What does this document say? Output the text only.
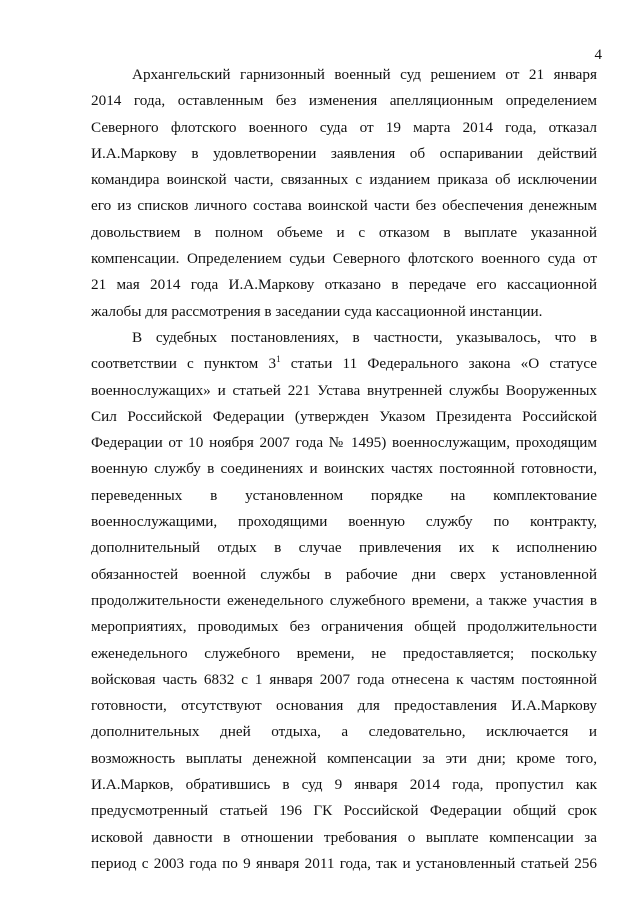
4
Архангельский гарнизонный военный суд решением от 21 января
2014 года, оставленным без изменения апелляционным определением
Северного флотского военного суда от 19 марта 2014 года, отказал
И.А.Маркову в удовлетворении заявления об оспаривании действий
командира воинской части, связанных с изданием приказа об исключении
его из списков личного состава воинской части без обеспечения денежным
довольствием в полном объеме и с отказом в выплате указанной
компенсации. Определением судьи Северного флотского военного суда от
21 мая 2014 года И.А.Маркову отказано в передаче его кассационной
жалобы для рассмотрения в заседании суда кассационной инстанции.
В судебных постановлениях, в частности, указывалось, что в
соответствии с пунктом $3^1$ статьи 11 Федерального закона «О статусе
военнослужащих» и статьей 221 Устава внутренней службы Вооруженных
Сил Российской Федерации (утвержден Указом Президента Российской
Федерации от 10 ноября 2007 года № 1495) военнослужащим, проходящим
военную службу в соединениях и воинских частях постоянной готовности,
переведенных в установленном порядке на комплектование
военнослужащими, проходящими военную службу по контракту,
дополнительный отдых в случае привлечения их к исполнению
обязанностей военной службы в рабочие дни сверх установленной
продолжительности еженедельного служебного времени, а также участия в
мероприятиях, проводимых без ограничения общей продолжительности
еженедельного служебного времени, не предоставляется; поскольку
войсковая часть 6832 с 1 января 2007 года отнесена к частям постоянной
готовности, отсутствуют основания для предоставления И.А.Маркову
дополнительных дней отдыха, а следовательно, исключается и
возможность выплаты денежной компенсации за эти дни; кроме того,
И.А.Марков, обратившись в суд 9 января 2014 года, пропустил как
предусмотренный статьей 196 ГК Российской Федерации общий срок
исковой давности в отношении требования о выплате компенсации за
период с 2003 года по 9 января 2011 года, так и установленный статьей 256
